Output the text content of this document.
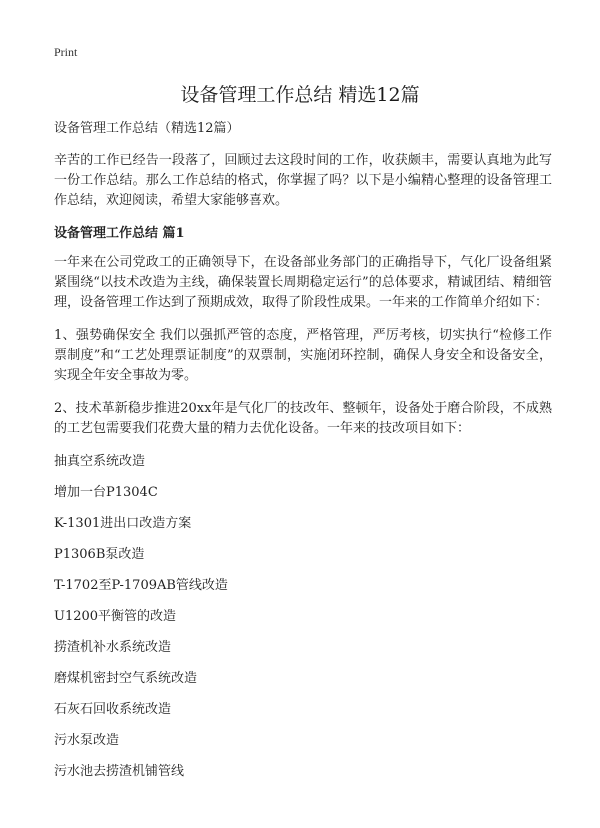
Print
设备管理工作总结 精选12篇

设备管理工作总结（精选12篇）

辛苦的工作已经告一段落了，回顾过去这段时间的工作，收获颇丰，需要认真地为此写一份工作总结。那么工作总结的格式，你掌握了吗？以下是小编精心整理的设备管理工作总结，欢迎阅读，希望大家能够喜欢。

设备管理工作总结 篇1

一年来在公司党政工的正确领导下，在设备部业务部门的正确指导下，气化厂设备组紧紧围绕“以技术改造为主线，确保装置长周期稳定运行”的总体要求，精诚团结、精细管理，设备管理工作达到了预期成效，取得了阶段性成果。一年来的工作简单介绍如下：

1、强势确保安全 我们以强抓严管的态度，严格管理，严厉考核，切实执行“检修工作票制度”和“工艺处理票证制度”的双票制，实施闭环控制，确保人身安全和设备安全，实现全年安全事故为零。

2、技术革新稳步推进20xx年是气化厂的技改年、整顿年，设备处于磨合阶段，不成熟的工艺包需要我们花费大量的精力去优化设备。一年来的技改项目如下：

抽真空系统改造

增加一台P1304C

K-1301进出口改造方案

P1306B泵改造

T-1702至P-1709AB管线改造

U1200平衡管的改造

捞渣机补水系统改造

磨煤机密封空气系统改造

石灰石回收系统改造

污水泵改造

污水池去捞渣机铺管线
